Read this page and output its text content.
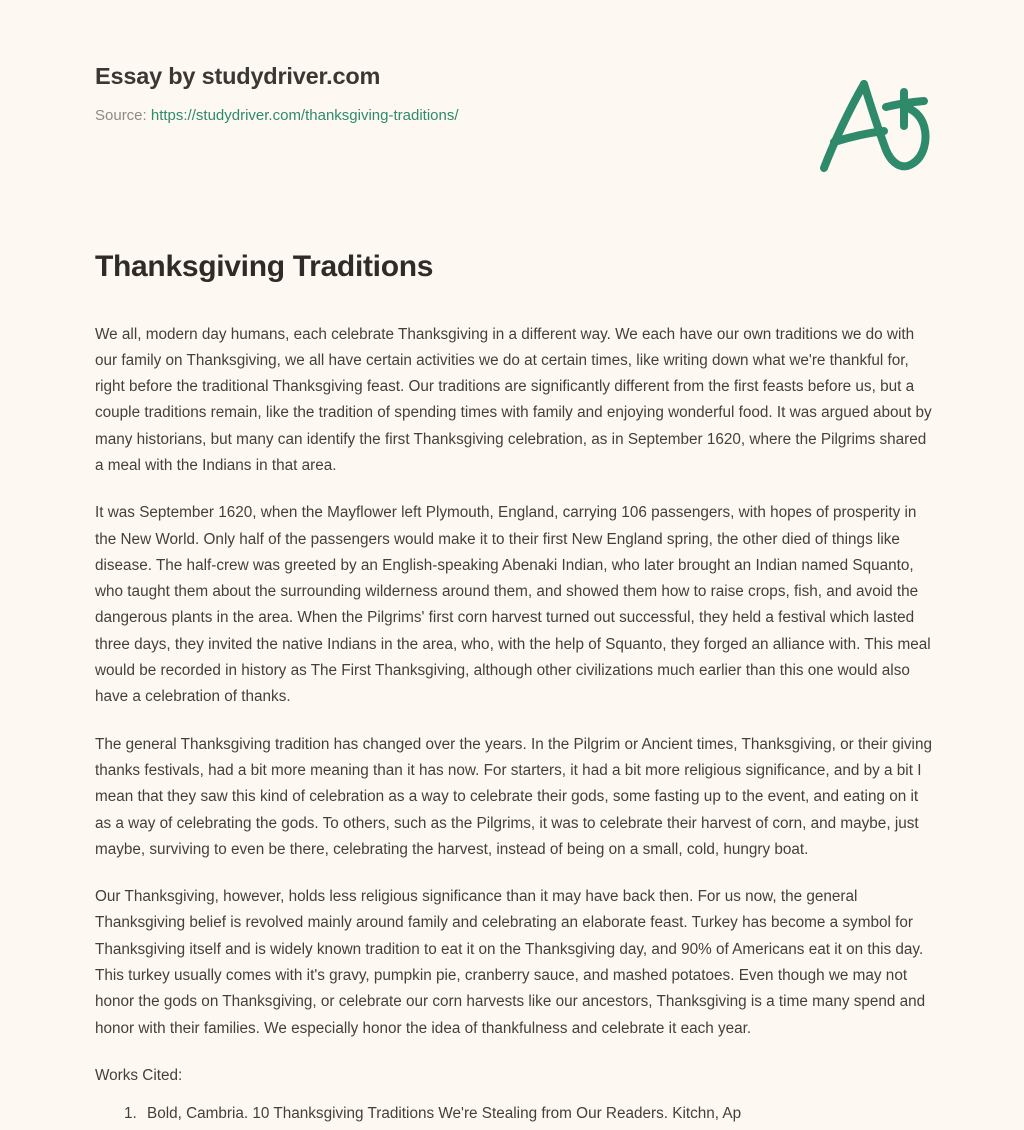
Essay by studydriver.com
Source: https://studydriver.com/thanksgiving-traditions/
Thanksgiving Traditions

We all, modern day humans, each celebrate Thanksgiving in a different way. We each have our own traditions we do with our family on Thanksgiving, we all have certain activities we do at certain times, like writing down what we're thankful for, right before the traditional Thanksgiving feast. Our traditions are significantly different from the first feasts before us, but a couple traditions remain, like the tradition of spending times with family and enjoying wonderful food. It was argued about by many historians, but many can identify the first Thanksgiving celebration, as in September 1620, where the Pilgrims shared a meal with the Indians in that area.

It was September 1620, when the Mayflower left Plymouth, England, carrying 106 passengers, with hopes of prosperity in the New World. Only half of the passengers would make it to their first New England spring, the other died of things like disease. The half-crew was greeted by an English-speaking Abenaki Indian, who later brought an Indian named Squanto, who taught them about the surrounding wilderness around them, and showed them how to raise crops, fish, and avoid the dangerous plants in the area. When the Pilgrims' first corn harvest turned out successful, they held a festival which lasted three days, they invited the native Indians in the area, who, with the help of Squanto, they forged an alliance with. This meal would be recorded in history as The First Thanksgiving, although other civilizations much earlier than this one would also have a celebration of thanks.

The general Thanksgiving tradition has changed over the years. In the Pilgrim or Ancient times, Thanksgiving, or their giving thanks festivals, had a bit more meaning than it has now. For starters, it had a bit more religious significance, and by a bit I mean that they saw this kind of celebration as a way to celebrate their gods, some fasting up to the event, and eating on it as a way of celebrating the gods. To others, such as the Pilgrims, it was to celebrate their harvest of corn, and maybe, just maybe, surviving to even be there, celebrating the harvest, instead of being on a small, cold, hungry boat.

Our Thanksgiving, however, holds less religious significance than it may have back then. For us now, the general Thanksgiving belief is revolved mainly around family and celebrating an elaborate feast. Turkey has become a symbol for Thanksgiving itself and is widely known tradition to eat it on the Thanksgiving day, and 90% of Americans eat it on this day. This turkey usually comes with it's gravy, pumpkin pie, cranberry sauce, and mashed potatoes. Even though we may not honor the gods on Thanksgiving, or celebrate our corn harvests like our ancestors, Thanksgiving is a time many spend and honor with their families. We especially honor the idea of thankfulness and celebrate it each year.

Works Cited:

1. Bold, Cambria. 10 Thanksgiving Traditions We're Stealing from Our Readers. Kitchn, Ap
